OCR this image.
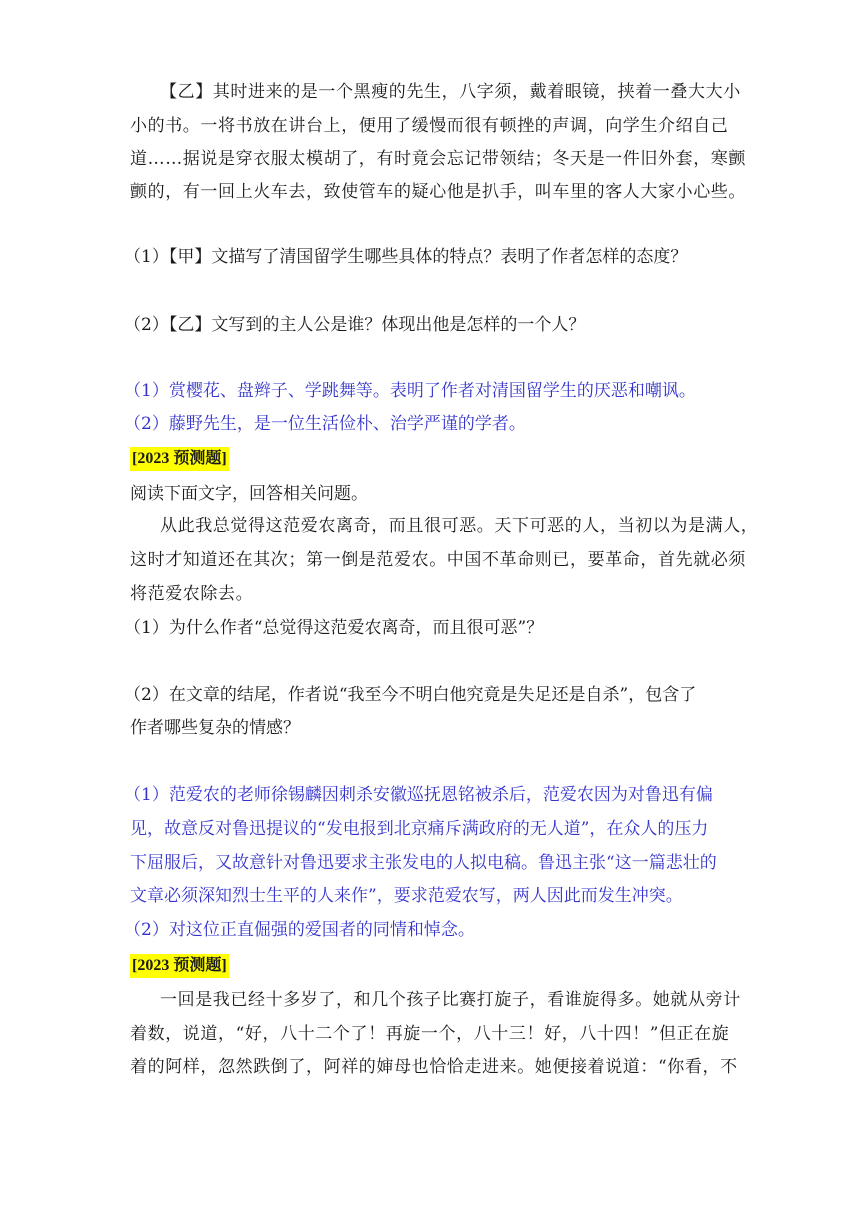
【乙】其时进来的是一个黑瘦的先生，八字须，戴着眼镜，挟着一叠大大小
小的书。一将书放在讲台上，便用了缓慢而很有顿挫的声调，向学生介绍自己
道……据说是穿衣服太模胡了，有时竟会忘记带领结；冬天是一件旧外套，寒颤
颤的，有一回上火车去，致使管车的疑心他是扒手，叫车里的客人大家小心些。
（1）【甲】文描写了清国留学生哪些具体的特点？表明了作者怎样的态度？
（2）【乙】文写到的主人公是谁？体现出他是怎样的一个人？
（1）赏樱花、盘辫子、学跳舞等。表明了作者对清国留学生的厌恶和嘲讽。
（2）藤野先生，是一位生活俭朴、治学严谨的学者。
[2023 预测题]
阅读下面文字，回答相关问题。
从此我总觉得这范爱农离奇，而且很可恶。天下可恶的人，当初以为是满人，
这时才知道还在其次；第一倒是范爱农。中国不革命则已，要革命，首先就必须
将范爱农除去。
（1）为什么作者“总觉得这范爱农离奇，而且很可恶”？
（2）在文章的结尾，作者说“我至今不明白他究竟是失足还是自杀”，包含了
作者哪些复杂的情感？
（1）范爱农的老师徐锡麟因刺杀安徽巡抚恩铭被杀后，范爱农因为对鲁迅有偏
见，故意反对鲁迅提议的“发电报到北京痛斥满政府的无人道”，在众人的压力
下屈服后，又故意针对鲁迅要求主张发电的人拟电稿。鲁迅主张“这一篇悲壮的
文章必须深知烈士生平的人来作”，要求范爱农写，两人因此而发生冲突。
（2）对这位正直倔强的爱国者的同情和悼念。
[2023 预测题]
一回是我已经十多岁了，和几个孩子比赛打旋子，看谁旋得多。她就从旁计
着数，说道，“好，八十二个了！再旋一个，八十三！好，八十四！”但正在旋
着的阿样，忽然跌倒了，阿祥的婶母也恰恰走进来。她便接着说道：“你看，不
